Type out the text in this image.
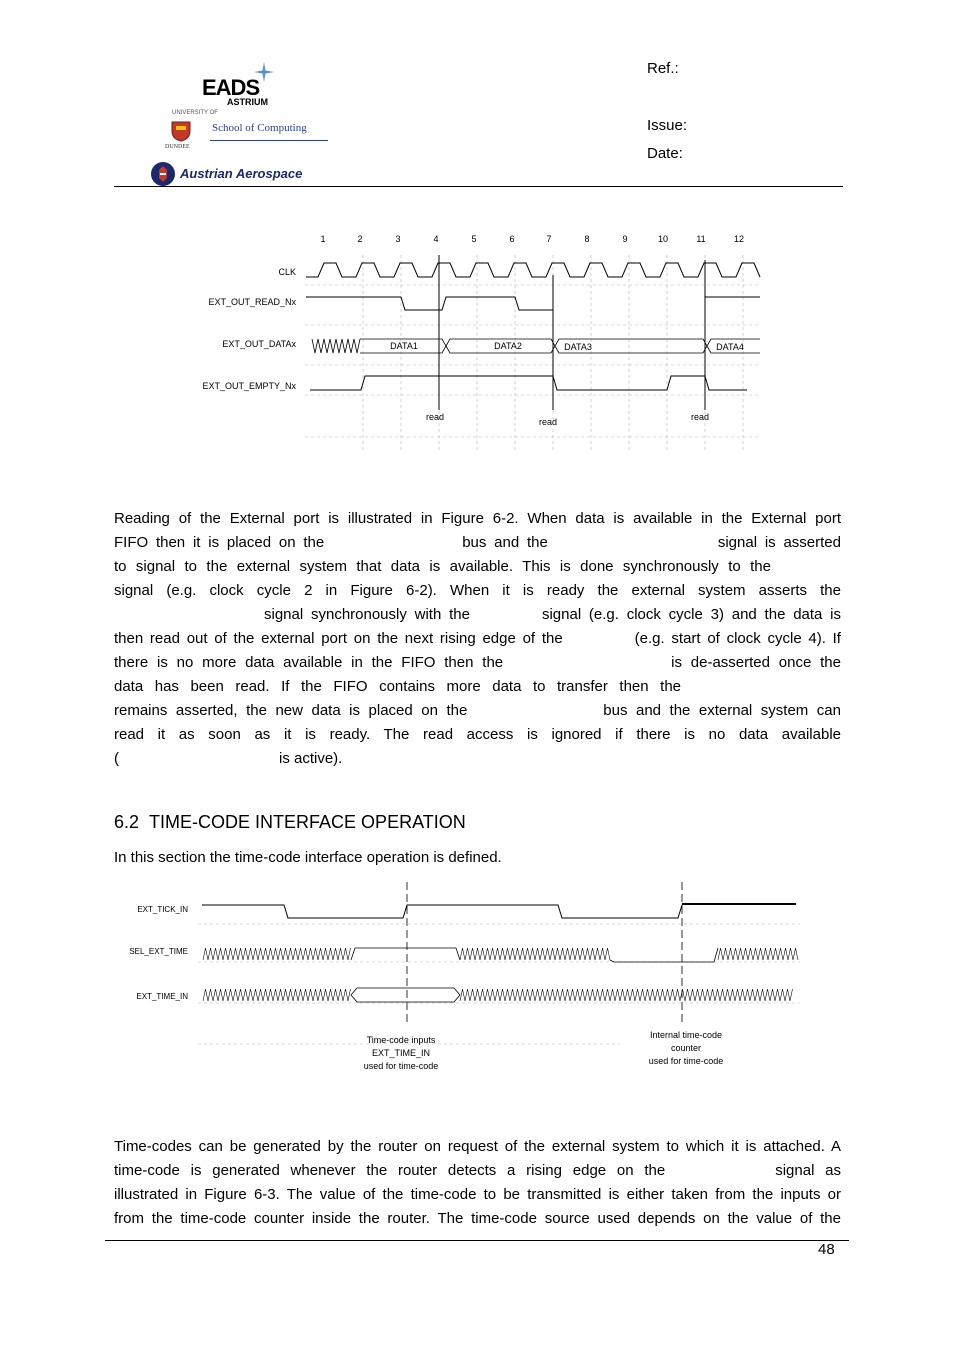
EADS
ASTRIUM
UNIVERSITY OF
DUNDEE
School of Computing
Austrian Aerospace
Ref.:
Issue:
Date:
1	2	3	4	5	6	7	8	9	10	11	12
CLK
EXT_OUT_READ_Nx
EXT_OUT_DATAx
EXT_OUT_EMPTY_Nx
DATA1	DATA2	DATA3	DATA4
read	read	read
Reading of the External port is illustrated in Figure 6-2. When data is available in the External port
FIFO then it is placed on the	bus and the	signal is asserted
to signal to the external system that data is available. This is done synchronously to the
signal (e.g. clock cycle 2 in Figure 6-2). When it is ready the external system asserts the
signal synchronously with the	signal (e.g. clock cycle 3) and the data is
then read out of the external port on the next rising edge of the	(e.g. start of clock cycle 4). If
there is no more data available in the FIFO then the	is de-asserted once the
data has been read. If the FIFO contains more data to transfer then the
remains asserted, the new data is placed on the	bus and the external system can
read it as soon as it is ready. The read access is ignored if there is no data available
(	is active).
6.2 TIME-CODE INTERFACE OPERATION
In this section the time-code interface operation is defined.
EXT_TICK_IN
SEL_EXT_TIME
EXT_TIME_IN
Time-code inputs
EXT_TIME_IN
used for time-code
Internal time-code
counter
used for time-code
Time-codes can be generated by the router on request of the external system to which it is attached. A
time-code is generated whenever the router detects a rising edge on the	signal as
illustrated in Figure 6-3. The value of the time-code to be transmitted is either taken from the inputs or
from the time-code counter inside the router. The time-code source used depends on the value of the
48
